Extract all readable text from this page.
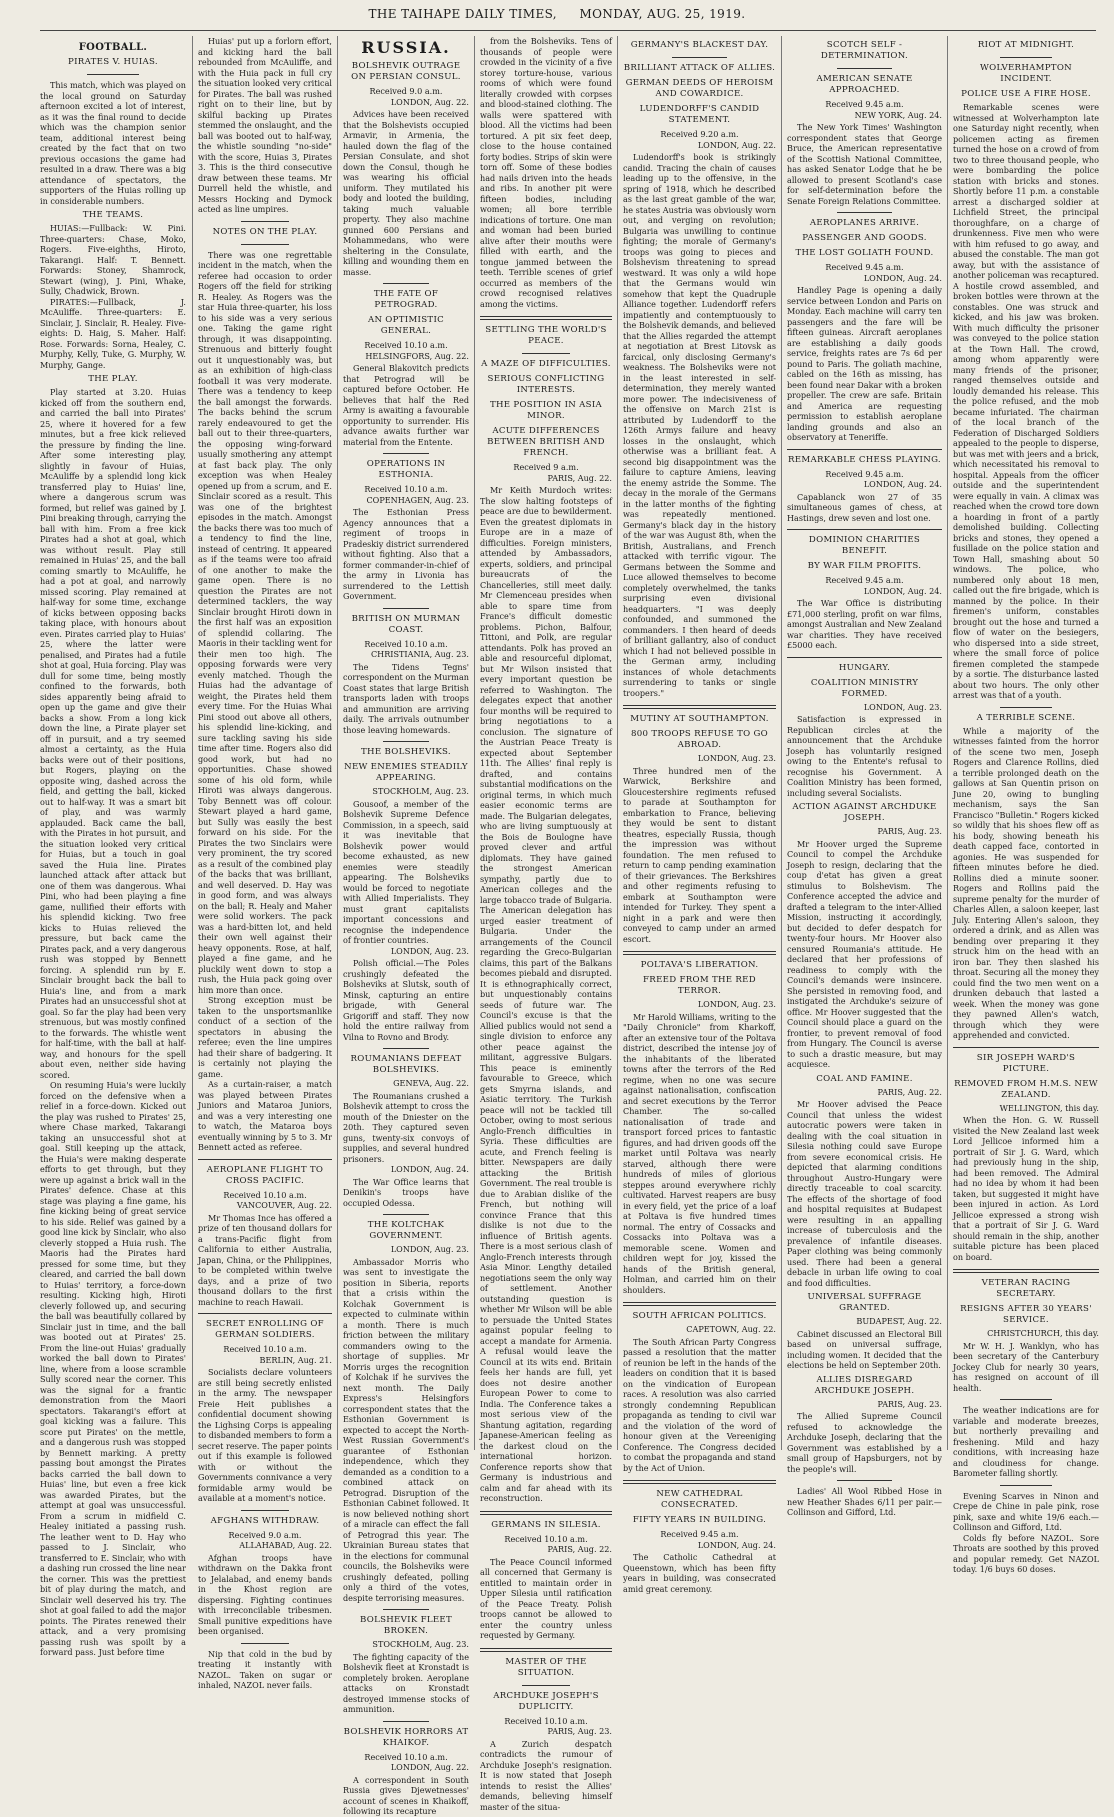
THE TAIHAPE DAILY TIMES, MONDAY, AUG. 25, 1919.
FOOTBALL.
PIRATES V. HUIAS.

This match, which was played on the local ground on Saturday afternoon excited a lot of interest, as it was the final round to decide which was the champion senior team, additional interest being created by the fact that on two previous occasions the game had resulted in a draw. There was a big attendance of spectators, the supporters of the Huias rolling up in considerable numbers.

THE TEAMS.

HUIAS:—Fullback: W. Pini. Three-quarters: Chase, Moko, Rogers. Five-eighths, Hiroto, Takarangi. Half: T. Bennett. Forwards: Stoney, Shamrock, Stewart (wing), J. Pini, Whake, Sully, Chadwick, Brown.

PIRATES:—Fullback, J. McAuliffe. Three-quarters: E. Sinclair, J. Sinclair, R. Healey. Five-eights: D. Haig, S. Maher. Half: Rose. Forwards: Sorna, Healey, C. Murphy, Kelly, Tuke, G. Murphy, W. Murphy, Gange.

THE PLAY.

Play started at 3.20. Huias kicked off from the southern end, and carried the ball into Pirates' 25, where it hovered for a few minutes, but a free kick relieved the pressure by finding the line. After some interesting play, slightly in favour of Huias, McAuliffe by a splendid long kick transferred play to Huias' line, where a dangerous scrum was formed, but relief was gained by J. Pini breaking through, carrying the ball with him. From a free kick Pirates had a shot at goal, which was without result. Play still remained in Huias' 25, and the ball coming smartly to McAuliffe, he had a pot at goal, and narrowly missed scoring. Play remained at half-way for some time, exchange of kicks between opposing backs taking place, with honours about even. Pirates carried play to Huias' 25, where the latter were penalised, and Pirates had a futile shot at goal, Huia forcing. Play was dull for some time, being mostly confined to the forwards, both sides apparently being afraid to open up the game and give their backs a show. From a long kick down the line, a Pirate player set off in pursuit, and a try seemed almost a certainty, as the Huia backs were out of their positions, but Rogers, playing on the opposite wing, dashed across the field, and getting the ball, kicked out to half-way. It was a smart bit of play, and was warmly applauded. Back came the ball, with the Pirates in hot pursuit, and the situation looked very critical for Huias, but a touch in goal saved the Huia line. Pirates launched attack after attack but one of them was dangerous. Whai Pini, who had been playing a fine game, nullified their efforts with his splendid kicking. Two free kicks to Huias relieved the pressure, but back came the Pirates pack, and a very dangerous rush was stopped by Bennett forcing. A splendid run by E. Sinclair brought back the ball to Huia's line, and from a mark Pirates had an unsuccessful shot at goal. So far the play had been very strenuous, but was mostly confined to the forwards. The whistle went for half-time, with the ball at half-way, and honours for the spell about even, neither side having scored.

On resuming Huia's were luckily forced on the defensive when a relief in a force-down. Kicked out the play was rushed to Pirates' 25, where Chase marked, Takarangi taking an unsuccessful shot at goal. Still keeping up the attack, the Huia's were making desperate efforts to get through, but they were up against a brick wall in the Pirates' defence. Chase at this stage was playing a fine game, his fine kicking being of great service to his side. Relief was gained by a good line kick by Sinclair, who also cleverly stopped a Huia rush. The Maoris had the Pirates hard pressed for some time, but they cleared, and carried the ball down to Huias' territory, a force-down resulting. Kicking high, Hiroti cleverly followed up, and securing the ball was beautifully collared by Sinclair just in time, and the ball was booted out at Pirates' 25. From the line-out Huias' gradually worked the ball down to Pirates' line, where from a loose scramble Sully scored near the corner. This was the signal for a frantic demonstration from the Maori spectators. Takarangi's effort at goal kicking was a failure. This score put Pirates' on the mettle, and a dangerous rush was stopped by Bennett marking. A pretty passing bout amongst the Pirates backs carried the ball down to Huias' line, but even a free kick was awarded Pirates, but the attempt at goal was unsuccessful. From a scrum in midfield C. Healey initiated a passing rush. The leather went to D. Hay who passed to J. Sinclair, who transferred to E. Sinclair, who with a dashing run crossed the line near the corner. This was the prettiest bit of play during the match, and Sinclair well deserved his try. The shot at goal failed to add the major points. The Pirates renewed their attack, and a very promising passing rush was spoilt by a forward pass. Just before time

Huias' put up a forlorn effort, and kicking hard the ball rebounded from McAuliffe, and with the Huia pack in full cry the situation looked very critical for Pirates. The ball was rushed right on to their line, but by skilful backing up Pirates stemmed the onslaught, and the ball was booted out to half-way, the whistle sounding "no-side" with the score, Huias 3, Pirates 3. This is the third consecutive draw between these teams. Mr Durrell held the whistle, and Messrs Hocking and Dymock acted as line umpires.

NOTES ON THE PLAY.

There was one regrettable incident in the match, when the referee had occasion to order Rogers off the field for striking R. Healey. As Rogers was the star Huia three-quarter, his loss to his side was a very serious one. Taking the game right through, it was disappointing. Strenuous and bitterly fought out it unquestionably was, but as an exhibition of high-class football it was very moderate. There was a tendency to keep the ball amongst the forwards. The backs behind the scrum rarely endeavoured to get the ball out to their three-quarters, the opposing wing-forward usually smothering any attempt at fast back play. The only exception was when Healey opened up from a scrum, and E. Sinclair scored as a result. This was one of the brightest episodes in the match. Amongst the backs there was too much of a tendency to find the line, instead of centring. It appeared as if the teams were too afraid of one another to make the game open. There is no question the Pirates are not determined tacklers, the way Sinclair brought Hiroti down in the first half was an exposition of splendid collaring. The Maoris in their tackling went for their men too high. The opposing forwards were very evenly matched. Though the Huias had the advantage of weight, the Pirates held them every time. For the Huias Whai Pini stood out above all others, his splendid line-kicking, and sure tackling saving his side time after time. Rogers also did good work, but had no opportunities. Chase showed some of his old form, while Hiroti was always dangerous. Toby Bennett was off colour. Stewart played a hard game, but Sully was easily the best forward on his side. For the Pirates the two Sinclairs were very prominent, the try scored as a result of the combined play of the backs that was brilliant, and well deserved. D. Hay was in good form, and was always on the ball; R. Healy and Maher were solid workers. The pack was a hard-bitten lot, and held their own well against their heavy opponents. Rose, at half, played a fine game, and he pluckily went down to stop a rush, the Huia pack going over him more than once.

Strong exception must be taken to the unsportsmanlike conduct of a section of the spectators in abusing the referee; even the line umpires had their share of badgering. It is certainly not playing the game.

As a curtain-raiser, a match was played between Pirates Juniors and Mataroa Juniors, and was a very interesting one to watch, the Mataroa boys eventually winning by 5 to 3. Mr Bennett acted as referee.

AEROPLANE FLIGHT TO CROSS PACIFIC.
Received 10.10 a.m.
VANCOUVER, Aug. 22.

Mr Thomas Ince has offered a prize of ten thousand dollars for a trans-Pacific flight from California to either Australia, Japan, China, or the Philippines, to be completed within twelve days, and a prize of two thousand dollars to the first machine to reach Hawaii.

SECRET ENROLLING OF GERMAN SOLDIERS.
Received 10.10 a.m.
BERLIN, Aug. 21.

Socialists declare volunteers are still being secretly enlisted in the army. The newspaper Freie Heit publishes a confidential document showing the Lighsing Corps is appealing to disbanded members to form a secret reserve. The paper points out if this example is followed with or without the Governments connivance a very formidable army would be available at a moment's notice.

AFGHANS WITHDRAW.
Received 9.0 a.m.
ALLAHABAD, Aug. 22.

Afghan troops have withdrawn on the Dakka front to Jelalabad, and enemy bands in the Khost region are dispersing. Fighting continues with irreconcilable tribesmen. Small punitive expeditions have been organised.

Nip that cold in the bud by treating it instantly with NAZOL. Taken on sugar or inhaled, NAZOL never fails.

RUSSIA.
BOLSHEVIK OUTRAGE ON PERSIAN CONSUL.
Received 9.0 a.m.
LONDON, Aug. 22.

Advices have been received that the Bolshevists occupied Armavir, in Armenia, the hauled down the flag of the Persian Consulate, and shot down the Consul, though he was wearing his official uniform. They mutilated his body and looted the building, taking much valuable property. They also machine gunned 600 Persians and Mohammedans, who were sheltering in the Consulate, killing and wounding them en masse.

THE FATE OF PETROGRAD.
AN OPTIMISTIC GENERAL.
Received 10.10 a.m.
HELSINGFORS, Aug. 22.

General Blakovitch predicts that Petrograd will be captured before October. He believes that half the Red Army is awaiting a favourable opportunity to surrender. His advance awaits further war material from the Entente.

OPERATIONS IN ESTHONIA.
Received 10.10 a.m.
COPENHAGEN, Aug. 23.

The Esthonian Press Agency announces that a regiment of troops in Pradeskiy district surrendered without fighting. Also that a former commander-in-chief of the army in Livonia has surrendered to the Lettish Government.

BRITISH ON MURMAN COAST.
Received 10.10 a.m.
CHRISTIANIA, Aug. 23.

The Tidens Tegns' correspondent on the Murman Coast states that large British transports laden with troops and ammunition are arriving daily. The arrivals outnumber those leaving homewards.

THE BOLSHEVIKS.
NEW ENEMIES STEADILY APPEARING.
STOCKHOLM, Aug. 23.

Gousoof, a member of the Bolshevik Supreme Defence Commission, in a speech, said it was inevitable that Bolshevik power would become exhausted, as new enemies were steadily appearing. The Bolsheviks would be forced to negotiate with Allied Imperialists. They must grant capitalists important concessions and recognise the independence of frontier countries.

LONDON, Aug. 23.

Polish official.—The Poles crushingly defeated the Bolsheviks at Slutsk, south of Minsk, capturing an entire brigade, with General Grigoriff and staff. They now hold the entire railway from Vilna to Rovno and Brody.

ROUMANIANS DEFEAT BOLSHEVIKS.
GENEVA, Aug. 22.

The Roumanians crushed a Bolshevik attempt to cross the mouth of the Dniester on the 20th. They captured seven guns, twenty-six convoys of supplies, and several hundred prisoners.

LONDON, Aug. 24.

The War Office learns that Denikin's troops have occupied Odessa.

THE KOLTCHAK GOVERNMENT.
LONDON, Aug. 23.

Ambassador Morris who was sent to investigate the position in Siberia, reports that a crisis within the Kolchak Government is expected to culminate within a month. There is much friction between the military commanders owing to the shortage of supplies. Mr Morris urges the recognition of Kolchak if he survives the next month. The Daily Express's Helsingfors correspondent states that the Esthonian Government is expected to accept the North-West Russian Government's guarantee of Esthonian independence, which they demanded as a condition to a combined attack on Petrograd. Disruption of the Esthonian Cabinet followed. It is now believed nothing short of a miracle can effect the fall of Petrograd this year. The Ukrainian Bureau states that in the elections for communal councils, the Bolsheviks were crushingly defeated, polling only a third of the votes, despite terrorising measures.

BOLSHEVIK FLEET BROKEN.
STOCKHOLM, Aug. 23.

The fighting capacity of the Bolshevik fleet at Kronstadt is completely broken. Aeroplane attacks on Kronstadt destroyed immense stocks of ammunition.

BOLSHEVIK HORRORS AT KHAIKOF.
Received 10.10 a.m.
LONDON, Aug. 22.

A correspondent in South Russia gives Djewetnesses' account of scenes in Khaikoff, following its recapture

from the Bolsheviks. Tens of thousands of people were crowded in the vicinity of a five storey torture-house, various rooms of which were found literally crowded with corpses and blood-stained clothing. The walls were spattered with blood. All the victims had been tortured. A pit six feet deep, close to the house contained forty bodies. Strips of skin were torn off. Some of these bodies had nails driven into the heads and ribs. In another pit were fifteen bodies, including women; all bore terrible indications of torture. One man and woman had been buried alive after their mouths were filled with earth, and the tongue jammed between the teeth. Terrible scenes of grief occurred as members of the crowd recognised relatives among the victims.

SETTLING THE WORLD'S PEACE.
A MAZE OF DIFFICULTIES.
SERIOUS CONFLICTING INTERESTS.
THE POSITION IN ASIA MINOR.
ACUTE DIFFERENCES BETWEEN BRITISH AND FRENCH.
Received 9 a.m.
PARIS, Aug. 22.

Mr Keith Murdoch writes: The slow halting footsteps of peace are due to bewilderment. Even the greatest diplomats in Europe are in a maze of difficulties. Foreign ministers, attended by Ambassadors, experts, soldiers, and principal bureaucrats of the Chancelleries, still meet daily. Mr Clemenceau presides when able to spare time from France's difficult domestic problems. Pichon, Balfour, Tittoni, and Polk, are regular attendants. Polk has proved an able and resourceful diplomat, but Mr Wilson insisted that every important question be referred to Washington. The delegates expect that another four months will be required to bring negotiations to a conclusion. The signature of the Austrian Peace Treaty is expected about September 11th. The Allies' final reply is drafted, and contains substantial modifications on the original terms, in which much easier economic terms are made. The Bulgarian delegates, who are living sumptuously at the Bois de Boulogne have proved clever and artful diplomats. They have gained the strongest American sympathy, partly due to American colleges and the large tobacco trade of Bulgaria. The American delegation has urged easier treatment of Bulgaria. Under the arrangements of the Council regarding the Greco-Bulgarian claims, this part of the Balkans becomes piebald and disrupted. It is ethnographically correct, but unquestionably contains seeds of future war. The Council's excuse is that the Allied publics would not send a single division to enforce any other peace against the militant, aggressive Bulgars. This peace is eminently favourable to Greece, which gets Smyrna islands, and Asiatic territory. The Turkish peace will not be tackled till October, owing to most serious Anglo-French difficulties in Syria. These difficulties are acute, and French feeling is bitter. Newspapers are daily attacking the British Government. The real trouble is due to Arabian dislike of the French, but nothing will convince France that this dislike is not due to the influence of British agents. There is a most serious clash of Anglo-French interests through Asia Minor. Lengthy detailed negotiations seem the only way of settlement. Another outstanding question is whether Mr Wilson will be able to persuade the United States against popular feeling to accept a mandate for Armenia. A refusal would leave the Council at its wits end. Britain feels her hands are full, yet does not desire another European Power to come to India. The Conference takes a most serious view of the Shantung agitation, regarding Japanese-American feeling as the darkest cloud on the international horizon. Conference reports show that Germany is industrious and calm and far ahead with its reconstruction.

GERMANS IN SILESIA.
Received 10.10 a.m.
PARIS, Aug. 22.

The Peace Council informed all concerned that Germany is entitled to maintain order in Upper Silesia until ratification of the Peace Treaty. Polish troops cannot be allowed to enter the country unless requested by Germany.

MASTER OF THE SITUATION.
ARCHDUKE JOSEPH'S DUPLICITY.
Received 10.10 a.m.
PARIS, Aug. 23.

A Zurich despatch contradicts the rumour of Archduke Joseph's resignation. It is now stated that Joseph intends to resist the Allies' demands, believing himself master of the situa-

GERMANY'S BLACKEST DAY.
BRILLIANT ATTACK OF ALLIES.
GERMAN DEEDS OF HEROISM AND COWARDICE.
LUDENDORFF'S CANDID STATEMENT.
Received 9.20 a.m.
LONDON, Aug. 22.

Ludendorff's book is strikingly candid. Tracing the chain of causes leading up to the offensive, in the spring of 1918, which he described as the last great gamble of the war, he states Austria was obviously worn out, and verging on revolution; Bulgaria was unwilling to continue fighting; the morale of Germany's troops was going to pieces and Bolshevism threatening to spread westward. It was only a wild hope that the Germans would win somehow that kept the Quadruple Alliance together. Ludendorff refers impatiently and contemptuously to the Bolshevik demands, and believed that the Allies regarded the attempt at negotiation at Brest Litovsk as farcical, only disclosing Germany's weakness. The Bolsheviks were not in the least interested in self-determination, they merely wanted more power. The indecisiveness of the offensive on March 21st is attributed by Ludendorff to the 126th Armys failure and heavy losses in the onslaught, which otherwise was a brilliant feat. A second big disappointment was the failure to capture Amiens, leaving the enemy astride the Somme. The decay in the morale of the Germans in the latter months of the fighting was repeatedly mentioned. Germany's black day in the history of the war was August 8th, when the British, Australians, and French attacked with terrific vigour. The Germans between the Somme and Luce allowed themselves to become completely overwhelmed, the tanks surprising even divisional headquarters. "I was deeply confounded, and summoned the commanders. I then heard of deeds of brilliant gallantry, also of conduct which I had not believed possible in the German army, including instances of whole detachments surrendering to tanks or single troopers."

MUTINY AT SOUTHAMPTON.
800 TROOPS REFUSE TO GO ABROAD.
LONDON, Aug. 23.

Three hundred men of the Warwick, Berkshire and Gloucestershire regiments refused to parade at Southampton for embarkation to France, believing they would be sent to distant theatres, especially Russia, though the impression was without foundation. The men refused to return to camp pending examination of their grievances. The Berkshires and other regiments refusing to embark at Southampton were intended for Turkey. They spent a night in a park and were then conveyed to camp under an armed escort.

POLTAVA'S LIBERATION.
FREED FROM THE RED TERROR.
LONDON, Aug. 23.

Mr Harold Williams, writing to the "Daily Chronicle" from Kharkoff, after an extensive tour of the Poltava district, described the intense joy of the inhabitants of the liberated towns after the terrors of the Red regime, when no one was secure against nationalisation, confiscation and secret executions by the Terror Chamber. The so-called nationalisation of trade and transport forced prices to fantastic figures, and had driven goods off the market until Poltava was nearly starved, although there were hundreds of miles of glorious steppes around everywhere richly cultivated. Harvest reapers are busy in every field, yet the price of a loaf at Poltava is five hundred times normal. The entry of Cossacks and Cossacks into Poltava was a memorable scene. Women and children wept for joy, kissed the hands of the British general, Holman, and carried him on their shoulders.

SOUTH AFRICAN POLITICS.
CAPETOWN, Aug. 22.

The South African Party Congress passed a resolution that the matter of reunion be left in the hands of the leaders on condition that it is based on the vindication of European races. A resolution was also carried strongly condemning Republican propaganda as tending to civil war and the violation of the word of honour given at the Vereeniging Conference. The Congress decided to combat the propaganda and stand by the Act of Union.

NEW CATHEDRAL CONSECRATED.
FIFTY YEARS IN BUILDING.
Received 9.45 a.m.
LONDON, Aug. 24.

The Catholic Cathedral at Queenstown, which has been fifty years in building, was consecrated amid great ceremony.

SCOTCH SELF - DETERMINATION.
AMERICAN SENATE APPROACHED.
Received 9.45 a.m.
NEW YORK, Aug. 24.

The New York Times' Washington correspondent states that George Bruce, the American representative of the Scottish National Committee, has asked Senator Lodge that he be allowed to present Scotland's case for self-determination before the Senate Foreign Relations Committee.

AEROPLANES ARRIVE.
PASSENGER AND GOODS.
THE LOST GOLIATH FOUND.
Received 9.45 a.m.
LONDON, Aug. 24.

Handley Page is opening a daily service between London and Paris on Monday. Each machine will carry ten passengers and the fare will be fifteen guineas. Aircraft aeroplanes are establishing a daily goods service, freights rates are 7s 6d per pound to Paris. The goliath machine, cabled on the 16th as missing, has been found near Dakar with a broken propeller. The crew are safe. Britain and America are requesting permission to establish aeroplane landing grounds and also an observatory at Teneriffe.

REMARKABLE CHESS PLAYING.
Received 9.45 a.m.
LONDON, Aug. 24.

Capablanck won 27 of 35 simultaneous games of chess, at Hastings, drew seven and lost one.

DOMINION CHARITIES BENEFIT.
BY WAR FILM PROFITS.
Received 9.45 a.m.
LONDON, Aug. 24.

The War Office is distributing £71,000 sterling, profit on war films, amongst Australian and New Zealand war charities. They have received £5000 each.

HUNGARY.
COALITION MINISTRY FORMED.
LONDON, Aug. 23.

Satisfaction is expressed in Republican circles at the announcement that the Archduke Joseph has voluntarily resigned owing to the Entente's refusal to recognise his Government. A Coalition Ministry has been formed, including several Socialists.

ACTION AGAINST ARCHDUKE JOSEPH.
PARIS, Aug. 23.

Mr Hoover urged the Supreme Council to compel the Archduke Joseph to resign, declaring that the coup d'etat has given a great stimulus to Bolshevism. The Conference accepted the advice and drafted a telegram to the inter-Allied Mission, instructing it accordingly, but decided to defer despatch for twenty-four hours. Mr Hoover also censured Roumania's attitude. He declared that her professions of readiness to comply with the Council's demands were insincere. She persisted in removing food, and instigated the Archduke's seizure of office. Mr Hoover suggested that the Council should place a guard on the frontier, to prevent removal of food from Hungary. The Council is averse to such a drastic measure, but may acquiesce.

COAL AND FAMINE.
PARIS, Aug. 22.

Mr Hoover advised the Peace Council that unless the widest autocratic powers were taken in dealing with the coal situation in Silesia nothing could save Europe from severe economical crisis. He depicted that alarming conditions throughout Austro-Hungary were directly traceable to coal scarcity. The effects of the shortage of food and hospital requisites at Budapest were resulting in an appalling increase of tuberculosis and the prevalence of infantile diseases. Paper clothing was being commonly used. There had been a general debacle in urban life owing to coal and food difficulties.

UNIVERSAL SUFFRAGE GRANTED.
BUDAPEST, Aug. 22.

Cabinet discussed an Electoral Bill based on universal suffrage, including women. It decided that the elections be held on September 20th.

ALLIES DISREGARD ARCHDUKE JOSEPH.
PARIS, Aug. 23.

The Allied Supreme Council refused to acknowledge the Archduke Joseph, declaring that the Government was established by a small group of Hapsburgers, not by the people's will.

Ladies' All Wool Ribbed Hose in new Heather Shades 6/11 per pair.—Collinson and Gifford, Ltd.

RIOT AT MIDNIGHT.
WOLVERHAMPTON INCIDENT.
POLICE USE A FIRE HOSE.

Remarkable scenes were witnessed at Wolverhampton late one Saturday night recently, when policemen acting as firemen turned the hose on a crowd of from two to three thousand people, who were bombarding the police station with bricks and stones. Shortly before 11 p.m. a constable arrest a discharged soldier at Lichfield Street, the principal thoroughfare, on a charge of drunkenness. Five men who were with him refused to go away, and abused the constable. The man got away, but with the assistance of another policeman was recaptured. A hostile crowd assembled, and broken bottles were thrown at the constables. One was struck and kicked, and his jaw was broken. With much difficulty the prisoner was conveyed to the police station at the Town Hall. The crowd, among whom apparently were many friends of the prisoner, ranged themselves outside and loudly demanded his release. This the police refused, and the mob became infuriated. The chairman of the local branch of the Federation of Discharged Soldiers appealed to the people to disperse, but was met with jeers and a brick, which necessitated his removal to hospital. Appeals from the officer outside and the superintendent were equally in vain. A climax was reached when the crowd tore down a hoarding in front of a partly demolished building. Collecting bricks and stones, they opened a fusillade on the police station and Town Hall, smashing about 50 windows. The police, who numbered only about 18 men, called out the fire brigade, which is manned by the police. In their firemen's uniform, constables brought out the hose and turned a flow of water on the besiegers, who dispersed into a side street, where the small force of police firemen completed the stampede by a sortie. The disturbance lasted about two hours. The only other arrest was that of a youth.

A TERRIBLE SCENE.

While a majority of the witnesses fainted from the horror of the scene two men, Joseph Rogers and Clarence Rollins, died a terrible prolonged death on the gallows at San Quentin prison on June 20, owing to bungling mechanism, says the San Francisco "Bulletin." Rogers kicked so wildly that his shoes flew off as his body, showing beneath his death capped face, contorted in agonies. He was suspended for fifteen minutes before he died. Rollins died a minute sooner. Rogers and Rollins paid the supreme penalty for the murder of Charles Allen, a saloon keeper, last July. Entering Allen's saloon, they ordered a drink, and as Allen was bending over preparing it they struck him on the head with an iron bar. They then slashed his throat. Securing all the money they could find the two men went on a drunken debauch that lasted a week. When the money was gone they pawned Allen's watch, through which they were apprehended and convicted.

SIR JOSEPH WARD'S PICTURE.
REMOVED FROM H.M.S. NEW ZEALAND.
WELLINGTON, this day.

When the Hon. G. W. Russell visited the New Zealand last week Lord Jellicoe informed him a portrait of Sir J. G. Ward, which had previously hung in the ship, had been removed. The Admiral had no idea by whom it had been taken, but suggested it might have been injured in action. As Lord Jellicoe expressed a strong wish that a portrait of Sir J. G. Ward should remain in the ship, another suitable picture has been placed on board.

VETERAN RACING SECRETARY.
RESIGNS AFTER 30 YEARS' SERVICE.
CHRISTCHURCH, this day.

Mr W. H. J. Wanklyn, who has been secretary of the Canterbury Jockey Club for nearly 30 years, has resigned on account of ill health.

The weather indications are for variable and moderate breezes, but northerly prevailing and freshening. Mild and hazy conditions, with increasing haze and cloudiness for change. Barometer falling shortly.

Evening Scarves in Ninon and Crepe de Chine in pale pink, rose pink, saxe and white 19/6 each.—Collinson and Gifford, Ltd.

Colds fly before NAZOL. Sore Throats are soothed by this proved and popular remedy. Get NAZOL today. 1/6 buys 60 doses.
